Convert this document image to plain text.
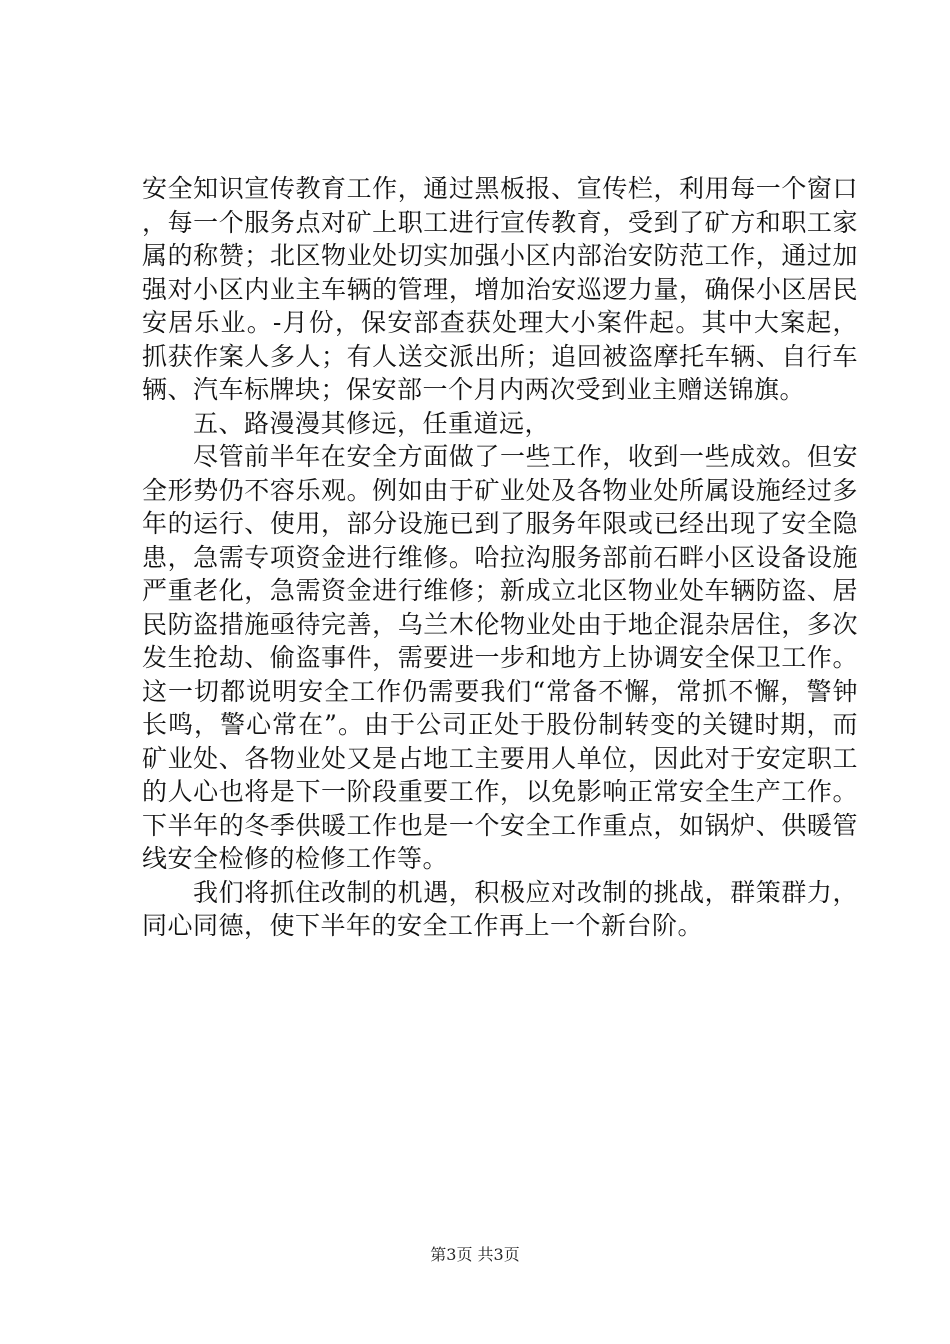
安全知识宣传教育工作，通过黑板报、宣传栏，利用每一个窗口，每一个服务点对矿上职工进行宣传教育，受到了矿方和职工家属的称赞；北区物业处切实加强小区内部治安防范工作，通过加强对小区内业主车辆的管理，增加治安巡逻力量，确保小区居民安居乐业。-月份，保安部查获处理大小案件起。其中大案起，抓获作案人多人；有人送交派出所；追回被盗摩托车辆、自行车辆、汽车标牌块；保安部一个月内两次受到业主赠送锦旗。

五、路漫漫其修远，任重道远，

尽管前半年在安全方面做了一些工作，收到一些成效。但安全形势仍不容乐观。例如由于矿业处及各物业处所属设施经过多年的运行、使用，部分设施已到了服务年限或已经出现了安全隐患，急需专项资金进行维修。哈拉沟服务部前石畔小区设备设施严重老化，急需资金进行维修；新成立北区物业处车辆防盗、居民防盗措施亟待完善，乌兰木伦物业处由于地企混杂居住，多次发生抢劫、偷盗事件，需要进一步和地方上协调安全保卫工作。这一切都说明安全工作仍需要我们“常备不懈，常抓不懈，警钟长鸣，警心常在”。由于公司正处于股份制转变的关键时期，而矿业处、各物业处又是占地工主要用人单位，因此对于安定职工的人心也将是下一阶段重要工作，以免影响正常安全生产工作。下半年的冬季供暖工作也是一个安全工作重点，如锅炉、供暖管线安全检修的检修工作等。

我们将抓住改制的机遇，积极应对改制的挑战，群策群力，同心同德，使下半年的安全工作再上一个新台阶。

第3页 共3页
